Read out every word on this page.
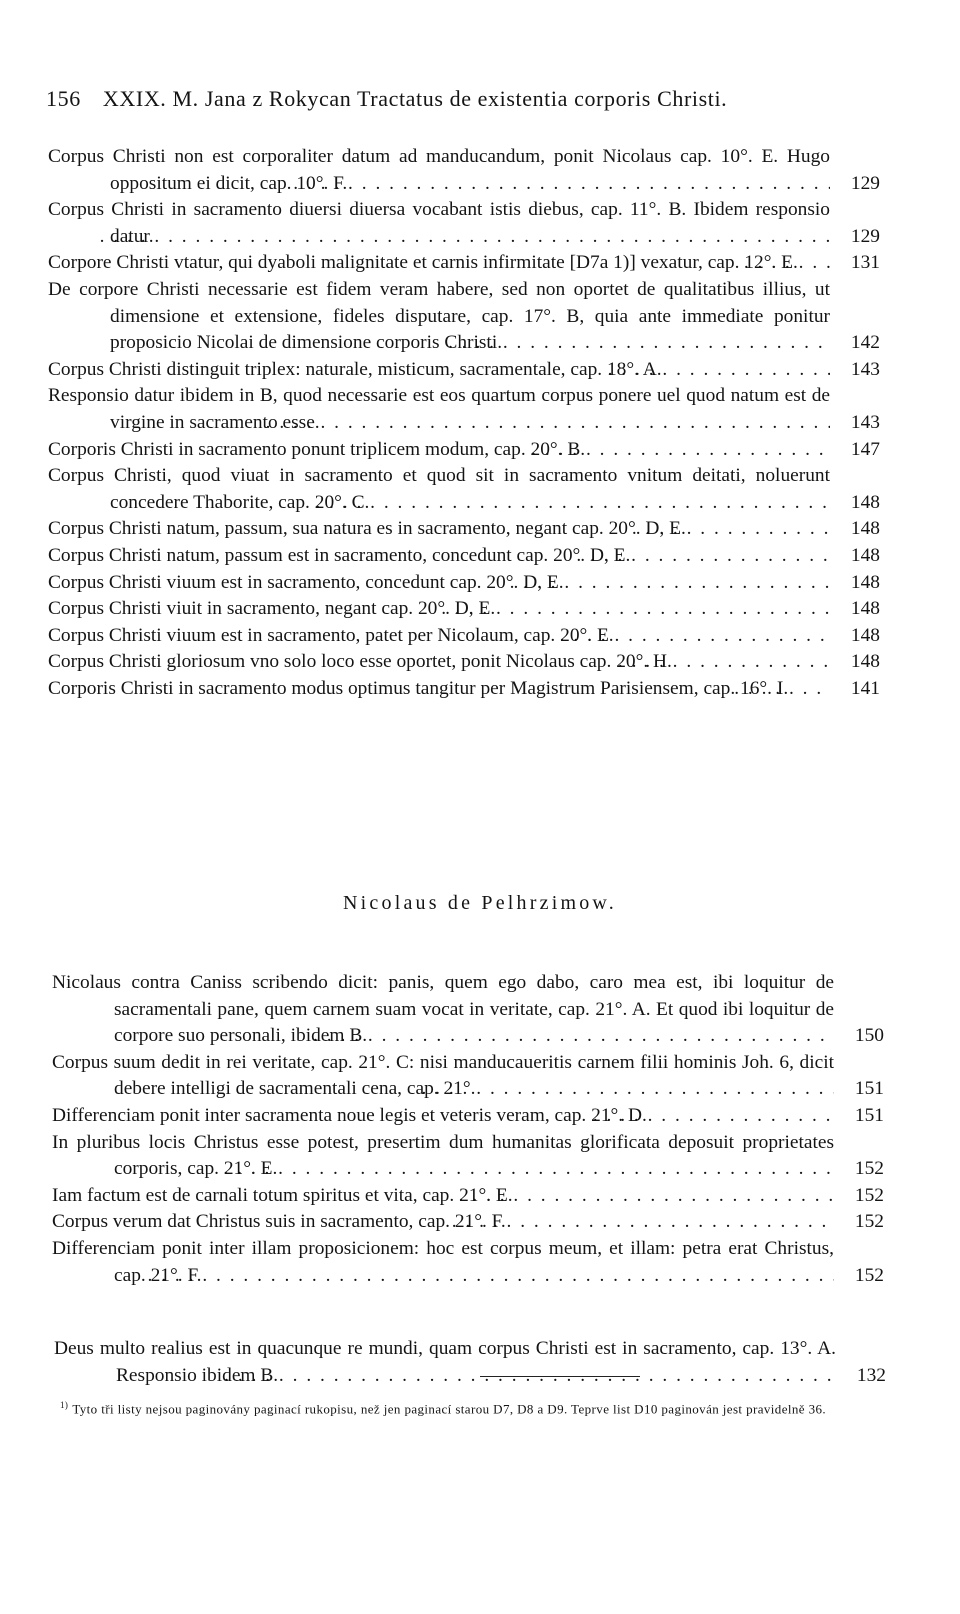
156 XXIX. M. Jana z Rokycan Tractatus de existentia corporis Christi.
Corpus Christi non est corporaliter datum ad manducandum, ponit Nicolaus cap. 10°. E. Hugo oppositum ei dicit, cap. 10°. F. . . .	129
Corpus Christi in sacramento diuersi diuersa vocabant istis diebus, cap. 11°. B. Ibidem responsio datur. . . .	129
Corpore Christi vtatur, qui dyaboli malignitate et carnis infirmitate [D7a 1)] vexatur, cap. 12°. E. . . .	131
De corpore Christi necessarie est fidem veram habere, sed non oportet de qualitatibus illius, ut dimensione et extensione, fideles disputare, cap. 17°. B, quia ante immediate ponitur proposicio Nicolai de dimensione corporis Christi. . . .	142
Corpus Christi distinguit triplex: naturale, misticum, sacramentale, cap. 18°. A. . . .	143
Responsio datur ibidem in B, quod necessarie est eos quartum corpus ponere uel quod natum est de virgine in sacramento esse. . . .	143
Corporis Christi in sacramento ponunt triplicem modum, cap. 20°. B. . . .	147
Corpus Christi, quod viuat in sacramento et quod sit in sacramento vnitum deitati, noluerunt concedere Thaborite, cap. 20°. C. . . .	148
Corpus Christi natum, passum, sua natura es in sacramento, negant cap. 20°. D, E. . . .	148
Corpus Christi natum, passum est in sacramento, concedunt cap. 20°. D, E. . . .	148
Corpus Christi viuum est in sacramento, concedunt cap. 20°. D, E. . . .	148
Corpus Christi viuit in sacramento, negant cap. 20°. D, E. . . .	148
Corpus Christi viuum est in sacramento, patet per Nicolaum, cap. 20°. E. . . .	148
Corpus Christi gloriosum vno solo loco esse oportet, ponit Nicolaus cap. 20°. H. . . .	148
Corporis Christi in sacramento modus optimus tangitur per Magistrum Parisiensem, cap. 16°. I. . . .	141
Nicolaus de Pelhrzimow.
Nicolaus contra Caniss scribendo dicit: panis, quem ego dabo, caro mea est, ibi loquitur de sacramentali pane, quem carnem suam vocat in veritate, cap. 21°. A. Et quod ibi loquitur de corpore suo personali, ibidem B. . . .	150
Corpus suum dedit in rei veritate, cap. 21°. C: nisi manducaueritis carnem filii hominis Joh. 6, dicit debere intelligi de sacramentali cena, cap. 21°. . . .	151
Differenciam ponit inter sacramenta noue legis et veteris veram, cap. 21°. D. . . .	151
In pluribus locis Christus esse potest, presertim dum humanitas glorificata deposuit proprietates corporis, cap. 21°. E. . . .	152
Iam factum est de carnali totum spiritus et vita, cap. 21°. E. . . .	152
Corpus verum dat Christus suis in sacramento, cap. 21°. F. . . .	152
Differenciam ponit inter illam proposicionem: hoc est corpus meum, et illam: petra erat Christus, cap. 21°. F. . . .	152
Deus multo realius est in quacunque re mundi, quam corpus Christi est in sacramento, cap. 13°. A. Responsio ibidem B. . . .	132
$^{1)}$ Tyto tři listy nejsou paginovány paginací rukopisu, než jen paginací starou D7, D8 a D9. Teprve list D10 paginován jest pravidelně 36.
